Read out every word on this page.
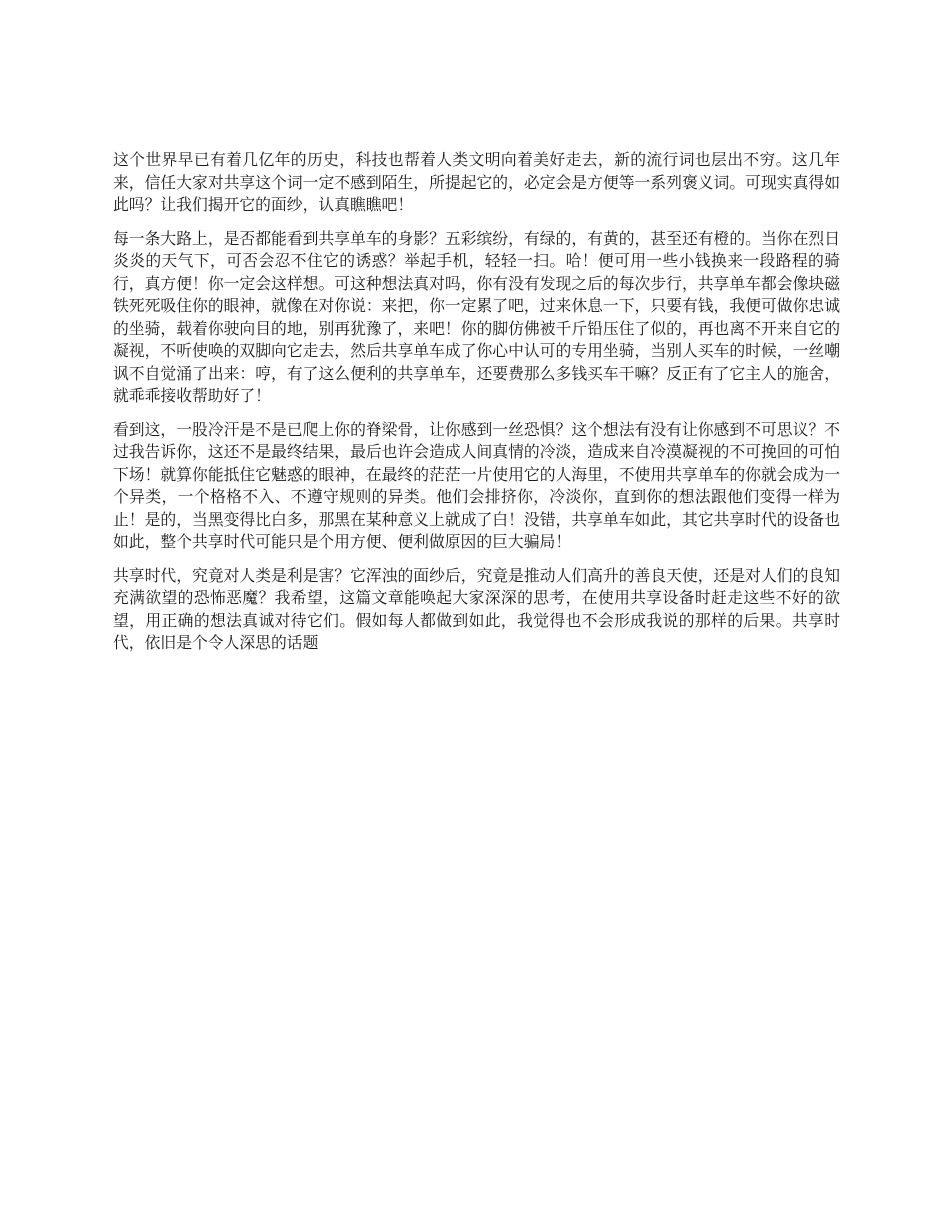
这个世界早已有着几亿年的历史，科技也帮着人类文明向着美好走去，新的流行词也层出不穷。这几年来，信任大家对共享这个词一定不感到陌生，所提起它的，必定会是方便等一系列褒义词。可现实真得如此吗？让我们揭开它的面纱，认真瞧瞧吧！

每一条大路上，是否都能看到共享单车的身影？五彩缤纷，有绿的，有黄的，甚至还有橙的。当你在烈日炎炎的天气下，可否会忍不住它的诱惑？举起手机，轻轻一扫。哈！便可用一些小钱换来一段路程的骑行，真方便！你一定会这样想。可这种想法真对吗，你有没有发现之后的每次步行，共享单车都会像块磁铁死死吸住你的眼神，就像在对你说：来把，你一定累了吧，过来休息一下，只要有钱，我便可做你忠诚的坐骑，载着你驶向目的地，别再犹豫了，来吧！你的脚仿佛被千斤铅压住了似的，再也离不开来自它的凝视，不听使唤的双脚向它走去，然后共享单车成了你心中认可的专用坐骑，当别人买车的时候，一丝嘲讽不自觉涌了出来：哼，有了这么便利的共享单车，还要费那么多钱买车干嘛？反正有了它主人的施舍，就乖乖接收帮助好了！

看到这，一股冷汗是不是已爬上你的脊梁骨，让你感到一丝恐惧？这个想法有没有让你感到不可思议？不过我告诉你，这还不是最终结果，最后也许会造成人间真情的冷淡，造成来自冷漠凝视的不可挽回的可怕下场！就算你能抵住它魅惑的眼神，在最终的茫茫一片使用它的人海里，不使用共享单车的你就会成为一个异类，一个格格不入、不遵守规则的异类。他们会排挤你，冷淡你，直到你的想法跟他们变得一样为止！是的，当黑变得比白多，那黑在某种意义上就成了白！没错，共享单车如此，其它共享时代的设备也如此，整个共享时代可能只是个用方便、便利做原因的巨大骗局！

共享时代，究竟对人类是利是害？它浑浊的面纱后，究竟是推动人们高升的善良天使，还是对人们的良知充满欲望的恐怖恶魔？我希望，这篇文章能唤起大家深深的思考，在使用共享设备时赶走这些不好的欲望，用正确的想法真诚对待它们。假如每人都做到如此，我觉得也不会形成我说的那样的后果。共享时代，依旧是个令人深思的话题
